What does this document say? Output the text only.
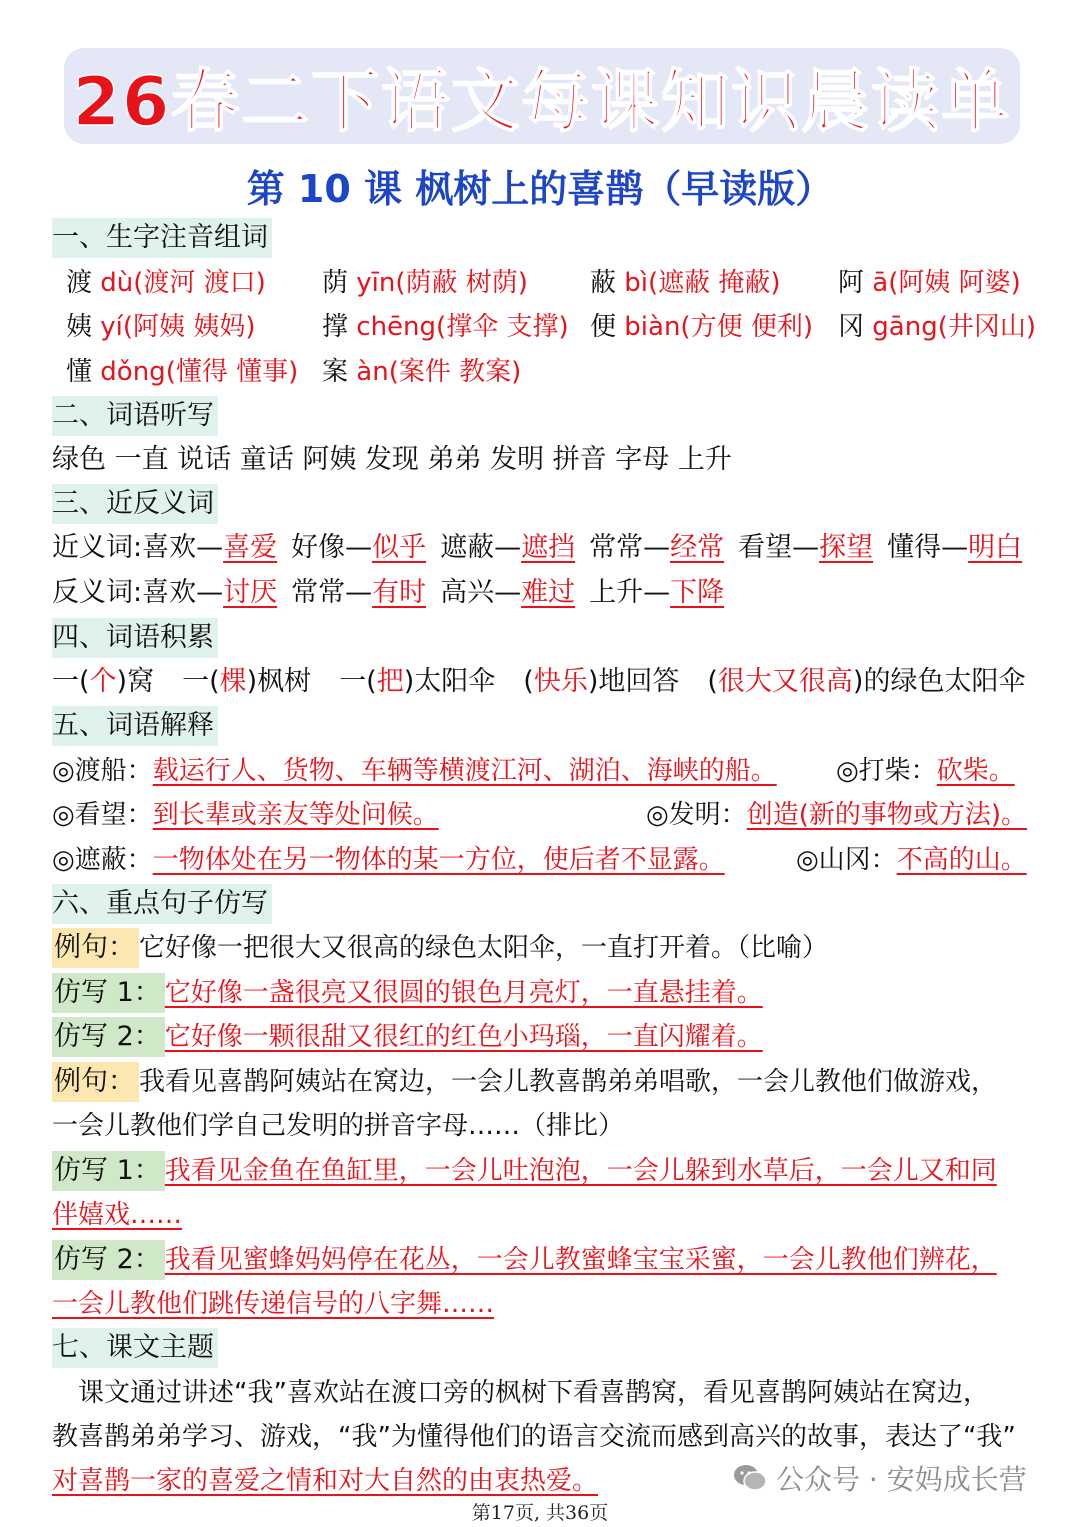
26春二下语文 每课知识晨读单
第 10 课 枫树上的喜鹊（早读版）
一、生字注音组词
渡 dù(渡河 渡口) 荫 yīn(荫蔽 树荫) 蔽 bì(遮蔽 掩蔽) 阿 ā(阿姨 阿婆)
姨 yí(阿姨 姨妈)	撑 chēng(撑伞 支撑) 便 biàn(方便 便利) 冈 gāng(井冈山)
懂 dǒng(懂得 懂事) 案 àn(案件 教案)
二、词语听写
绿色 一直 说话 童话 阿姨 发现 弟弟 发明 拼音 字母 上升
三、近反义词
近义词:喜欢—喜爱 好像—似乎 遮蔽—遮挡 常常—经常 看望—探望 懂得—明白
反义词:喜欢—讨厌 常常—有时 高兴—难过 上升—下降
四、词语积累
一(个)窝 一(棵)枫树 一(把)太阳伞 (快乐)地回答 (很大又很高)的绿色太阳伞
五、词语解释
◎渡船：载运行人、货物、车辆等横渡江河、湖泊、海峡的船。 ◎打柴：砍柴。
◎看望：到长辈或亲友等处问候。	◎发明：创造(新的事物或方法)。
◎遮蔽：一物体处在另一物体的某一方位，使后者不显露。	◎山冈：不高的山。
六、重点句子仿写
例句： 它好像一把很大又很高的绿色太阳伞，一直打开着。（比喻）
仿写 1： 它好像一盏很亮又很圆的银色月亮灯，一直悬挂着。
仿写 2： 它好像一颗很甜又很红的红色小玛瑙，一直闪耀着。
例句： 我看见喜鹊阿姨站在窝边，一会儿教喜鹊弟弟唱歌，一会儿教他们做游戏，
一会儿教他们学自己发明的拼音字母……（排比）
仿写 1： 我看见金鱼在鱼缸里，一会儿吐泡泡，一会儿躲到水草后，一会儿又和同
伴嬉戏……
仿写 2： 我看见蜜蜂妈妈停在花丛，一会儿教蜜蜂宝宝采蜜，一会儿教他们辨花，
一会儿教他们跳传递信号的八字舞……
七、课文主题
　课文通过讲述“我”喜欢站在渡口旁的枫树下看喜鹊窝，看见喜鹊阿姨站在窝边，
教喜鹊弟弟学习、游戏，“我”为懂得他们的语言交流而感到高兴的故事，表达了“我”
对喜鹊一家的喜爱之情和对大自然的由衷热爱。	公众号 · 安妈成长营
第17页, 共36页
